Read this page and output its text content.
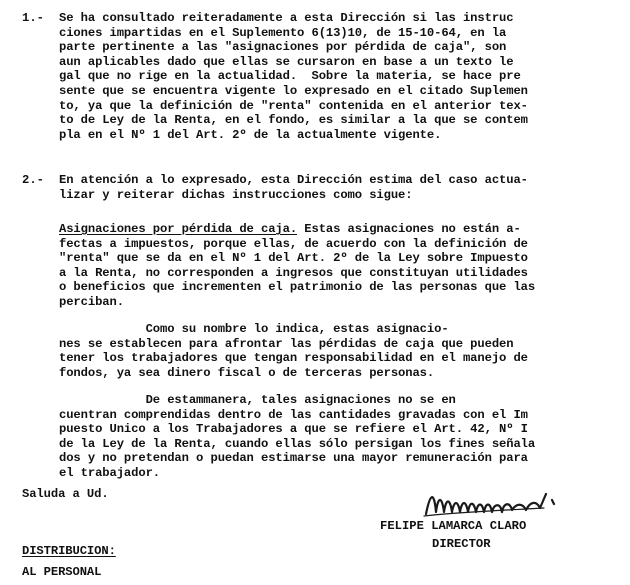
1.- Se ha consultado reiteradamente a esta Dirección si las instruc
ciones impartidas en el Suplemento 6(13)10, de 15-10-64, en la
parte pertinente a las "asignaciones por pérdida de caja", son
aun aplicables dado que ellas se cursaron en base a un texto le
gal que no rige en la actualidad.  Sobre la materia, se hace pre
sente que se encuentra vigente lo expresado en el citado Suplemen
to, ya que la definición de "renta" contenida en el anterior tex-
to de Ley de la Renta, en el fondo, es similar a la que se contem
pla en el Nº 1 del Art. 2º de la actualmente vigente.
2.- En atención a lo expresado, esta Dirección estima del caso actua-
lizar y reiterar dichas instrucciones como sigue:
Asignaciones por pérdida de caja. Estas asignaciones no están a-
fectas a impuestos, porque ellas, de acuerdo con la definición de
"renta" que se da en el Nº 1 del Art. 2º de la Ley sobre Impuesto
a la Renta, no corresponden a ingresos que constituyan utilidades
o beneficios que incrementen el patrimonio de las personas que las
perciban.
Como su nombre lo indica, estas asignacio-
nes se establecen para afrontar las pérdidas de caja que pueden
tener los trabajadores que tengan responsabilidad en el manejo de
fondos, ya sea dinero fiscal o de terceras personas.
De estammanera, tales asignaciones no se en
cuentran comprendidas dentro de las cantidades gravadas con el Im
puesto Unico a los Trabajadores a que se refiere el Art. 42, Nº I
de la Ley de la Renta, cuando ellas sólo persigan los fines señala
dos y no pretendan o puedan estimarse una mayor remuneración para
el trabajador.
Saluda a Ud.
FELIPE LAMARCA CLARO
DIRECTOR
DISTRIBUCION:
AL PERSONAL
